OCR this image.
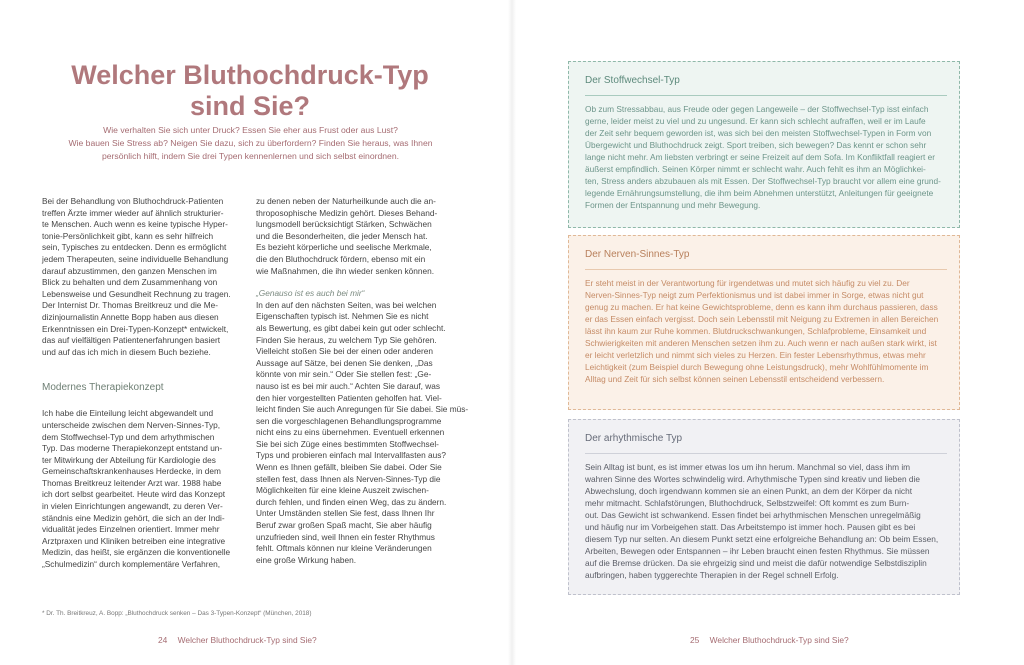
Welcher Bluthochdruck-Typ
sind Sie?
Wie verhalten Sie sich unter Druck? Essen Sie eher aus Frust oder aus Lust?
Wie bauen Sie Stress ab? Neigen Sie dazu, sich zu überfordern? Finden Sie heraus, was Ihnen
persönlich hilft, indem Sie drei Typen kennenlernen und sich selbst einordnen.

Bei der Behandlung von Bluthochdruck-Patienten

treffen Ärzte immer wieder auf ähnlich strukturier-

te Menschen. Auch wenn es keine typische Hyper-

tonie-Persönlichkeit gibt, kann es sehr hilfreich

sein, Typisches zu entdecken. Denn es ermöglicht

jedem Therapeuten, seine individuelle Behandlung

darauf abzustimmen, den ganzen Menschen im

Blick zu behalten und dem Zusammenhang von

Lebensweise und Gesundheit Rechnung zu tragen.

Der Internist Dr. Thomas Breitkreuz und die Me-

dizinjournalistin Annette Bopp haben aus diesen

Erkenntnissen ein Drei-Typen-Konzept* entwickelt,

das auf vielfältigen Patientenerfahrungen basiert

und auf das ich mich in diesem Buch beziehe.

Modernes Therapiekonzept

Ich habe die Einteilung leicht abgewandelt und

unterscheide zwischen dem Nerven-Sinnes-Typ,

dem Stoffwechsel-Typ und dem arhythmischen

Typ. Das moderne Therapiekonzept entstand un-

ter Mitwirkung der Abteilung für Kardiologie des

Gemeinschaftskrankenhauses Herdecke, in dem

Thomas Breitkreuz leitender Arzt war. 1988 habe

ich dort selbst gearbeitet. Heute wird das Konzept

in vielen Einrichtungen angewandt, zu deren Ver-

ständnis eine Medizin gehört, die sich an der Indi-

vidualität jedes Einzelnen orientiert. Immer mehr

Arztpraxen und Kliniken betreiben eine integrative

Medizin, das heißt, sie ergänzen die konventionelle

„Schulmedizin“ durch komplementäre Verfahren,

zu denen neben der Naturheilkunde auch die an-

throposophische Medizin gehört. Dieses Behand-

lungsmodell berücksichtigt Stärken, Schwächen

und die Besonderheiten, die jeder Mensch hat.

Es bezieht körperliche und seelische Merkmale,

die den Bluthochdruck fördern, ebenso mit ein

wie Maßnahmen, die ihn wieder senken können.

„Genauso ist es auch bei mir“

In den auf den nächsten Seiten, was bei welchen

Eigenschaften typisch ist. Nehmen Sie es nicht

als Bewertung, es gibt dabei kein gut oder schlecht.

Finden Sie heraus, zu welchem Typ Sie gehören.

Vielleicht stoßen Sie bei der einen oder anderen

Aussage auf Sätze, bei denen Sie denken, „Das

könnte von mir sein.“ Oder Sie stellen fest: „Ge-

nauso ist es bei mir auch.“ Achten Sie darauf, was

den hier vorgestellten Patienten geholfen hat. Viel-

leicht finden Sie auch Anregungen für Sie dabei. Sie müs-

sen die vorgeschlagenen Behandlungsprogramme

nicht eins zu eins übernehmen. Eventuell erkennen

Sie bei sich Züge eines bestimmten Stoffwechsel-

Typs und probieren einfach mal Intervallfasten aus?

Wenn es Ihnen gefällt, bleiben Sie dabei. Oder Sie

stellen fest, dass Ihnen als Nerven-Sinnes-Typ die

Möglichkeiten für eine kleine Auszeit zwischen-

durch fehlen, und finden einen Weg, das zu ändern.

Unter Umständen stellen Sie fest, dass Ihnen Ihr

Beruf zwar großen Spaß macht, Sie aber häufig

unzufrieden sind, weil Ihnen ein fester Rhythmus

fehlt. Oftmals können nur kleine Veränderungen

eine große Wirkung haben.

* Dr. Th. Breitkreuz, A. Bopp: „Bluthochdruck senken – Das 3-Typen-Konzept“ (München, 2018)
24 Welcher Bluthochdruck-Typ sind Sie?
Der Stoffwechsel-Typ

Ob zum Stressabbau, aus Freude oder gegen Langeweile – der Stoffwechsel-Typ isst einfach

gerne, leider meist zu viel und zu ungesund. Er kann sich schlecht aufraffen, weil er im Laufe

der Zeit sehr bequem geworden ist, was sich bei den meisten Stoffwechsel-Typen in Form von

Übergewicht und Bluthochdruck zeigt. Sport treiben, sich bewegen? Das kennt er schon sehr

lange nicht mehr. Am liebsten verbringt er seine Freizeit auf dem Sofa. Im Konfliktfall reagiert er

äußerst empfindlich. Seinen Körper nimmt er schlecht wahr. Auch fehlt es ihm an Möglichkei-

ten, Stress anders abzubauen als mit Essen. Der Stoffwechsel-Typ braucht vor allem eine grund-

legende Ernährungsumstellung, die ihm beim Abnehmen unterstützt, Anleitungen für geeignete

Formen der Entspannung und mehr Bewegung.

Der Nerven-Sinnes-Typ

Er steht meist in der Verantwortung für irgendetwas und mutet sich häufig zu viel zu. Der

Nerven-Sinnes-Typ neigt zum Perfektionismus und ist dabei immer in Sorge, etwas nicht gut

genug zu machen. Er hat keine Gewichtsprobleme, denn es kann ihm durchaus passieren, dass

er das Essen einfach vergisst. Doch sein Lebensstil mit Neigung zu Extremen in allen Bereichen

lässt ihn kaum zur Ruhe kommen. Blutdruckschwankungen, Schlafprobleme, Einsamkeit und

Schwierigkeiten mit anderen Menschen setzen ihm zu. Auch wenn er nach außen stark wirkt, ist

er leicht verletzlich und nimmt sich vieles zu Herzen. Ein fester Lebensrhythmus, etwas mehr

Leichtigkeit (zum Beispiel durch Bewegung ohne Leistungsdruck), mehr Wohlfühlmomente im

Alltag und Zeit für sich selbst können seinen Lebensstil entscheidend verbessern.

Der arhythmische Typ

Sein Alltag ist bunt, es ist immer etwas los um ihn herum. Manchmal so viel, dass ihm im

wahren Sinne des Wortes schwindelig wird. Arhythmische Typen sind kreativ und lieben die

Abwechslung, doch irgendwann kommen sie an einen Punkt, an dem der Körper da nicht

mehr mitmacht. Schlafstörungen, Bluthochdruck, Selbstzweifel: Oft kommt es zum Burn-

out. Das Gewicht ist schwankend. Essen findet bei arhythmischen Menschen unregelmäßig

und häufig nur im Vorbeigehen statt. Das Arbeitstempo ist immer hoch. Pausen gibt es bei

diesem Typ nur selten. An diesem Punkt setzt eine erfolgreiche Behandlung an: Ob beim Essen,

Arbeiten, Bewegen oder Entspannen – ihr Leben braucht einen festen Rhythmus. Sie müssen

auf die Bremse drücken. Da sie ehrgeizig sind und meist die dafür notwendige Selbstdisziplin

aufbringen, haben tyggerechte Therapien in der Regel schnell Erfolg.

25 Welcher Bluthochdruck-Typ sind Sie?
